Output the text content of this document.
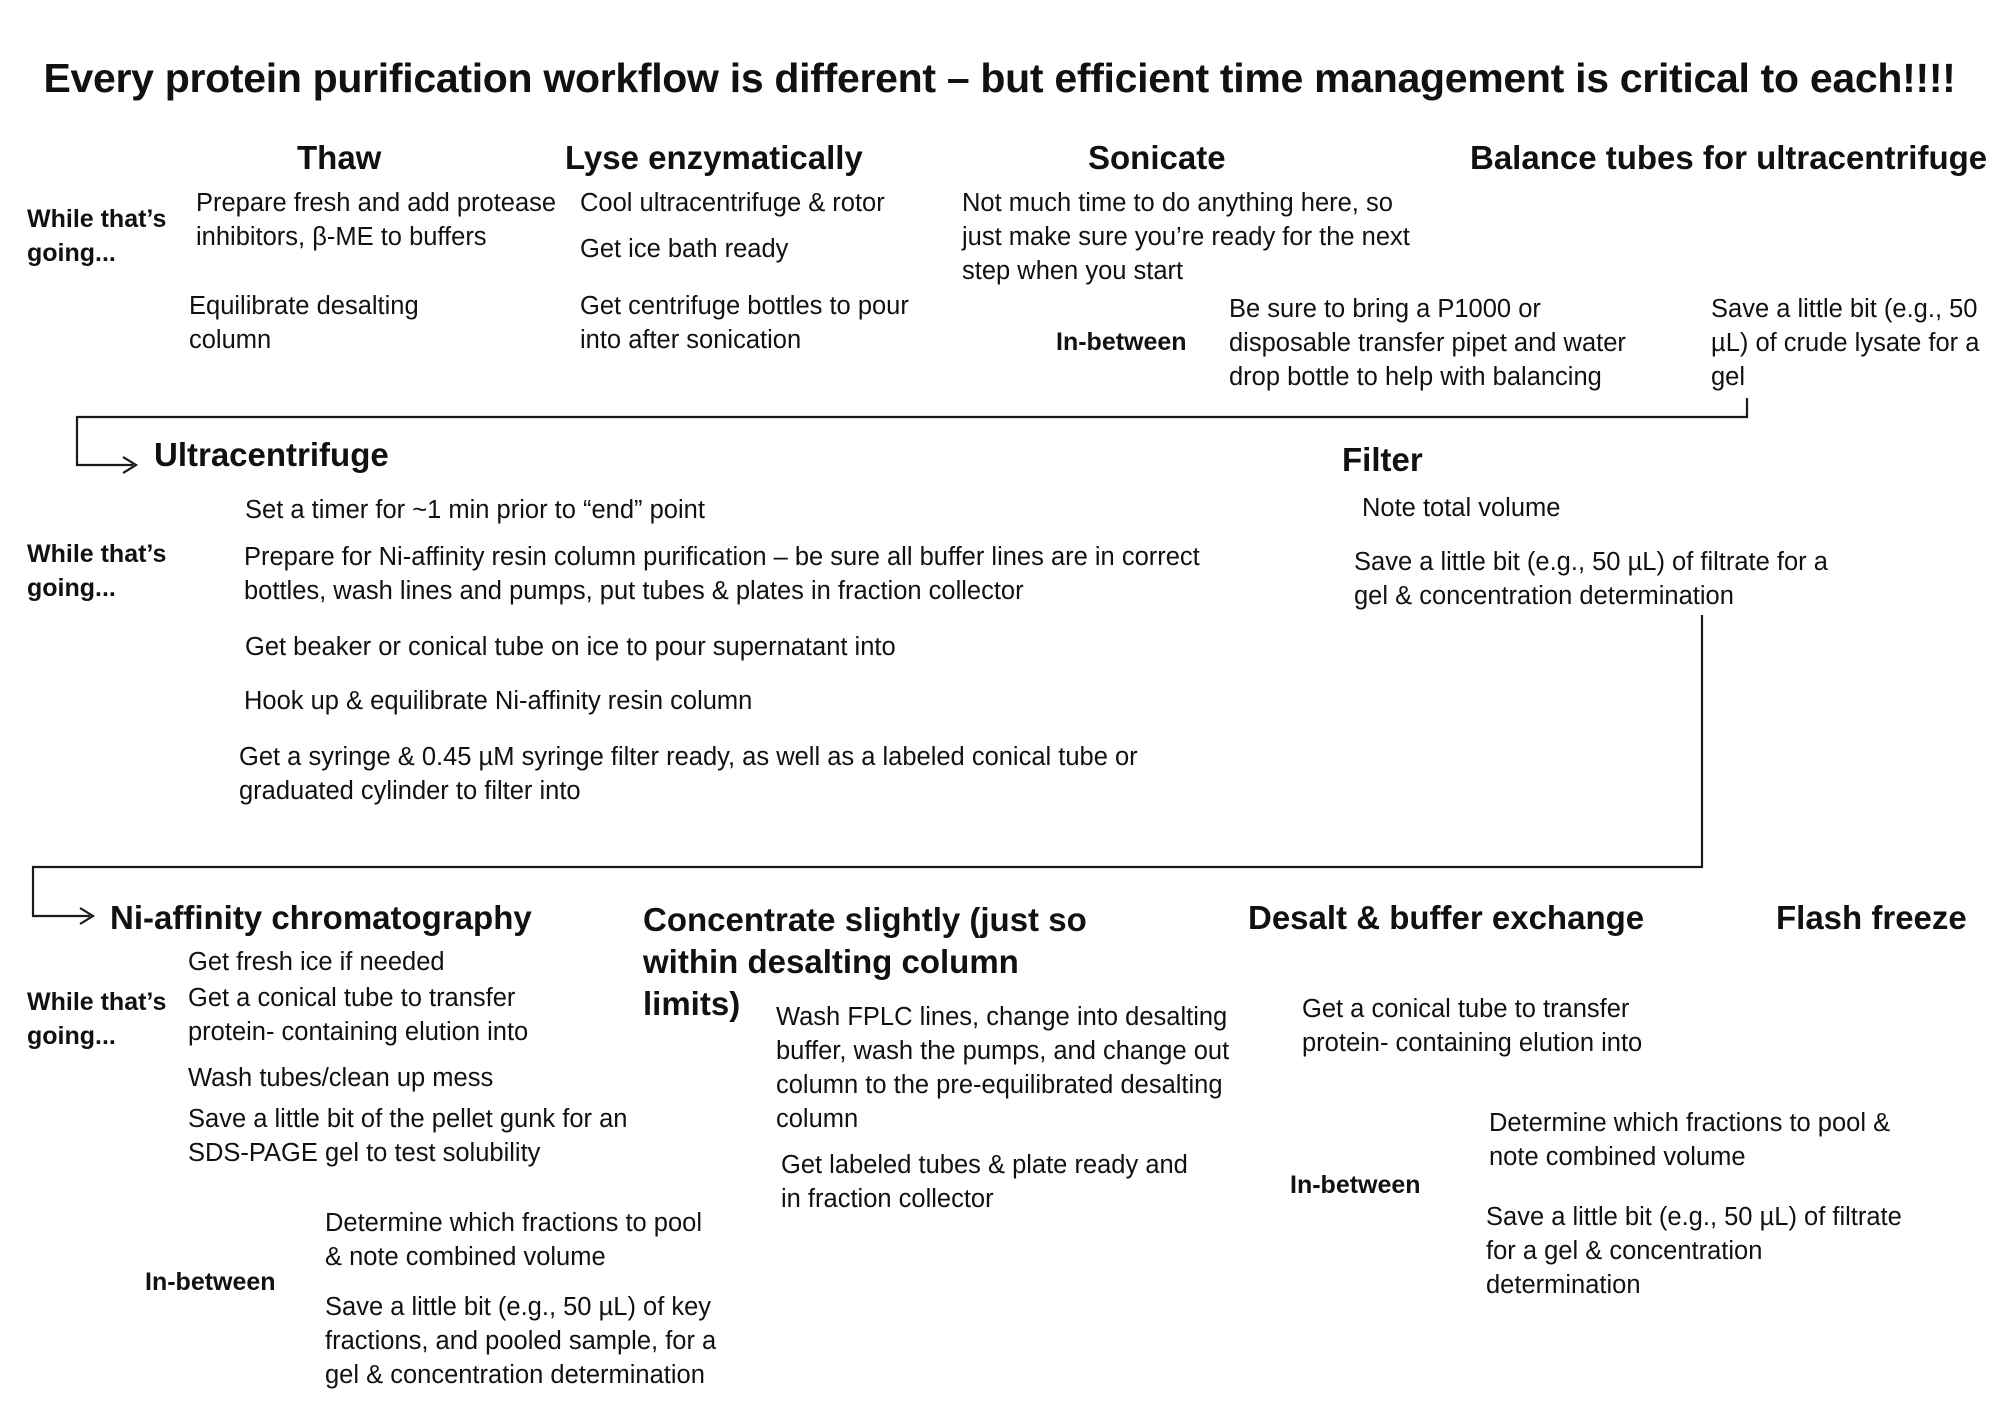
Every protein purification workflow is different – but efficient time management is critical to each!!!!
While that’s going...
Thaw
Prepare fresh and add protease inhibitors, β-ME to buffers
Equilibrate desalting column
Lyse enzymatically
Cool ultracentrifuge & rotor
Get ice bath ready
Get centrifuge bottles to pour into after sonication
Sonicate
Not much time to do anything here, so just make sure you’re ready for the next step when you start
In-between
Be sure to bring a P1000 or disposable transfer pipet and water drop bottle to help with balancing
Balance tubes for ultracentrifuge
Save a little bit (e.g., 50 µL) of crude lysate for a gel
Ultracentrifuge
While that’s going...
Set a timer for ~1 min prior to “end” point
Prepare for Ni-affinity resin column purification – be sure all buffer lines are in correct bottles, wash lines and pumps, put tubes & plates in fraction collector
Get beaker or conical tube on ice to pour supernatant into
Hook up & equilibrate Ni-affinity resin column
Get a syringe & 0.45 µM syringe filter ready, as well as a labeled conical tube or graduated cylinder to filter into
Filter
Note total volume
Save a little bit (e.g., 50 µL) of filtrate for a gel & concentration determination
Ni-affinity chromatography
While that’s going...
Get fresh ice if needed
Get a conical tube to transfer protein- containing elution into
Wash tubes/clean up mess
Save a little bit of the pellet gunk for an SDS-PAGE gel to test solubility
In-between
Determine which fractions to pool & note combined volume
Save a little bit (e.g., 50 µL) of key fractions, and pooled sample, for a gel & concentration determination
Concentrate slightly (just so within desalting column limits)	Wash FPLC lines, change into desalting buffer, wash the pumps, and change out column to the pre-equilibrated desalting column
Get labeled tubes & plate ready and in fraction collector
Desalt & buffer exchange
Get a conical tube to transfer protein- containing elution into
In-between
Determine which fractions to pool & note combined volume
Save a little bit (e.g., 50 µL) of filtrate for a gel & concentration determination
Flash freeze
